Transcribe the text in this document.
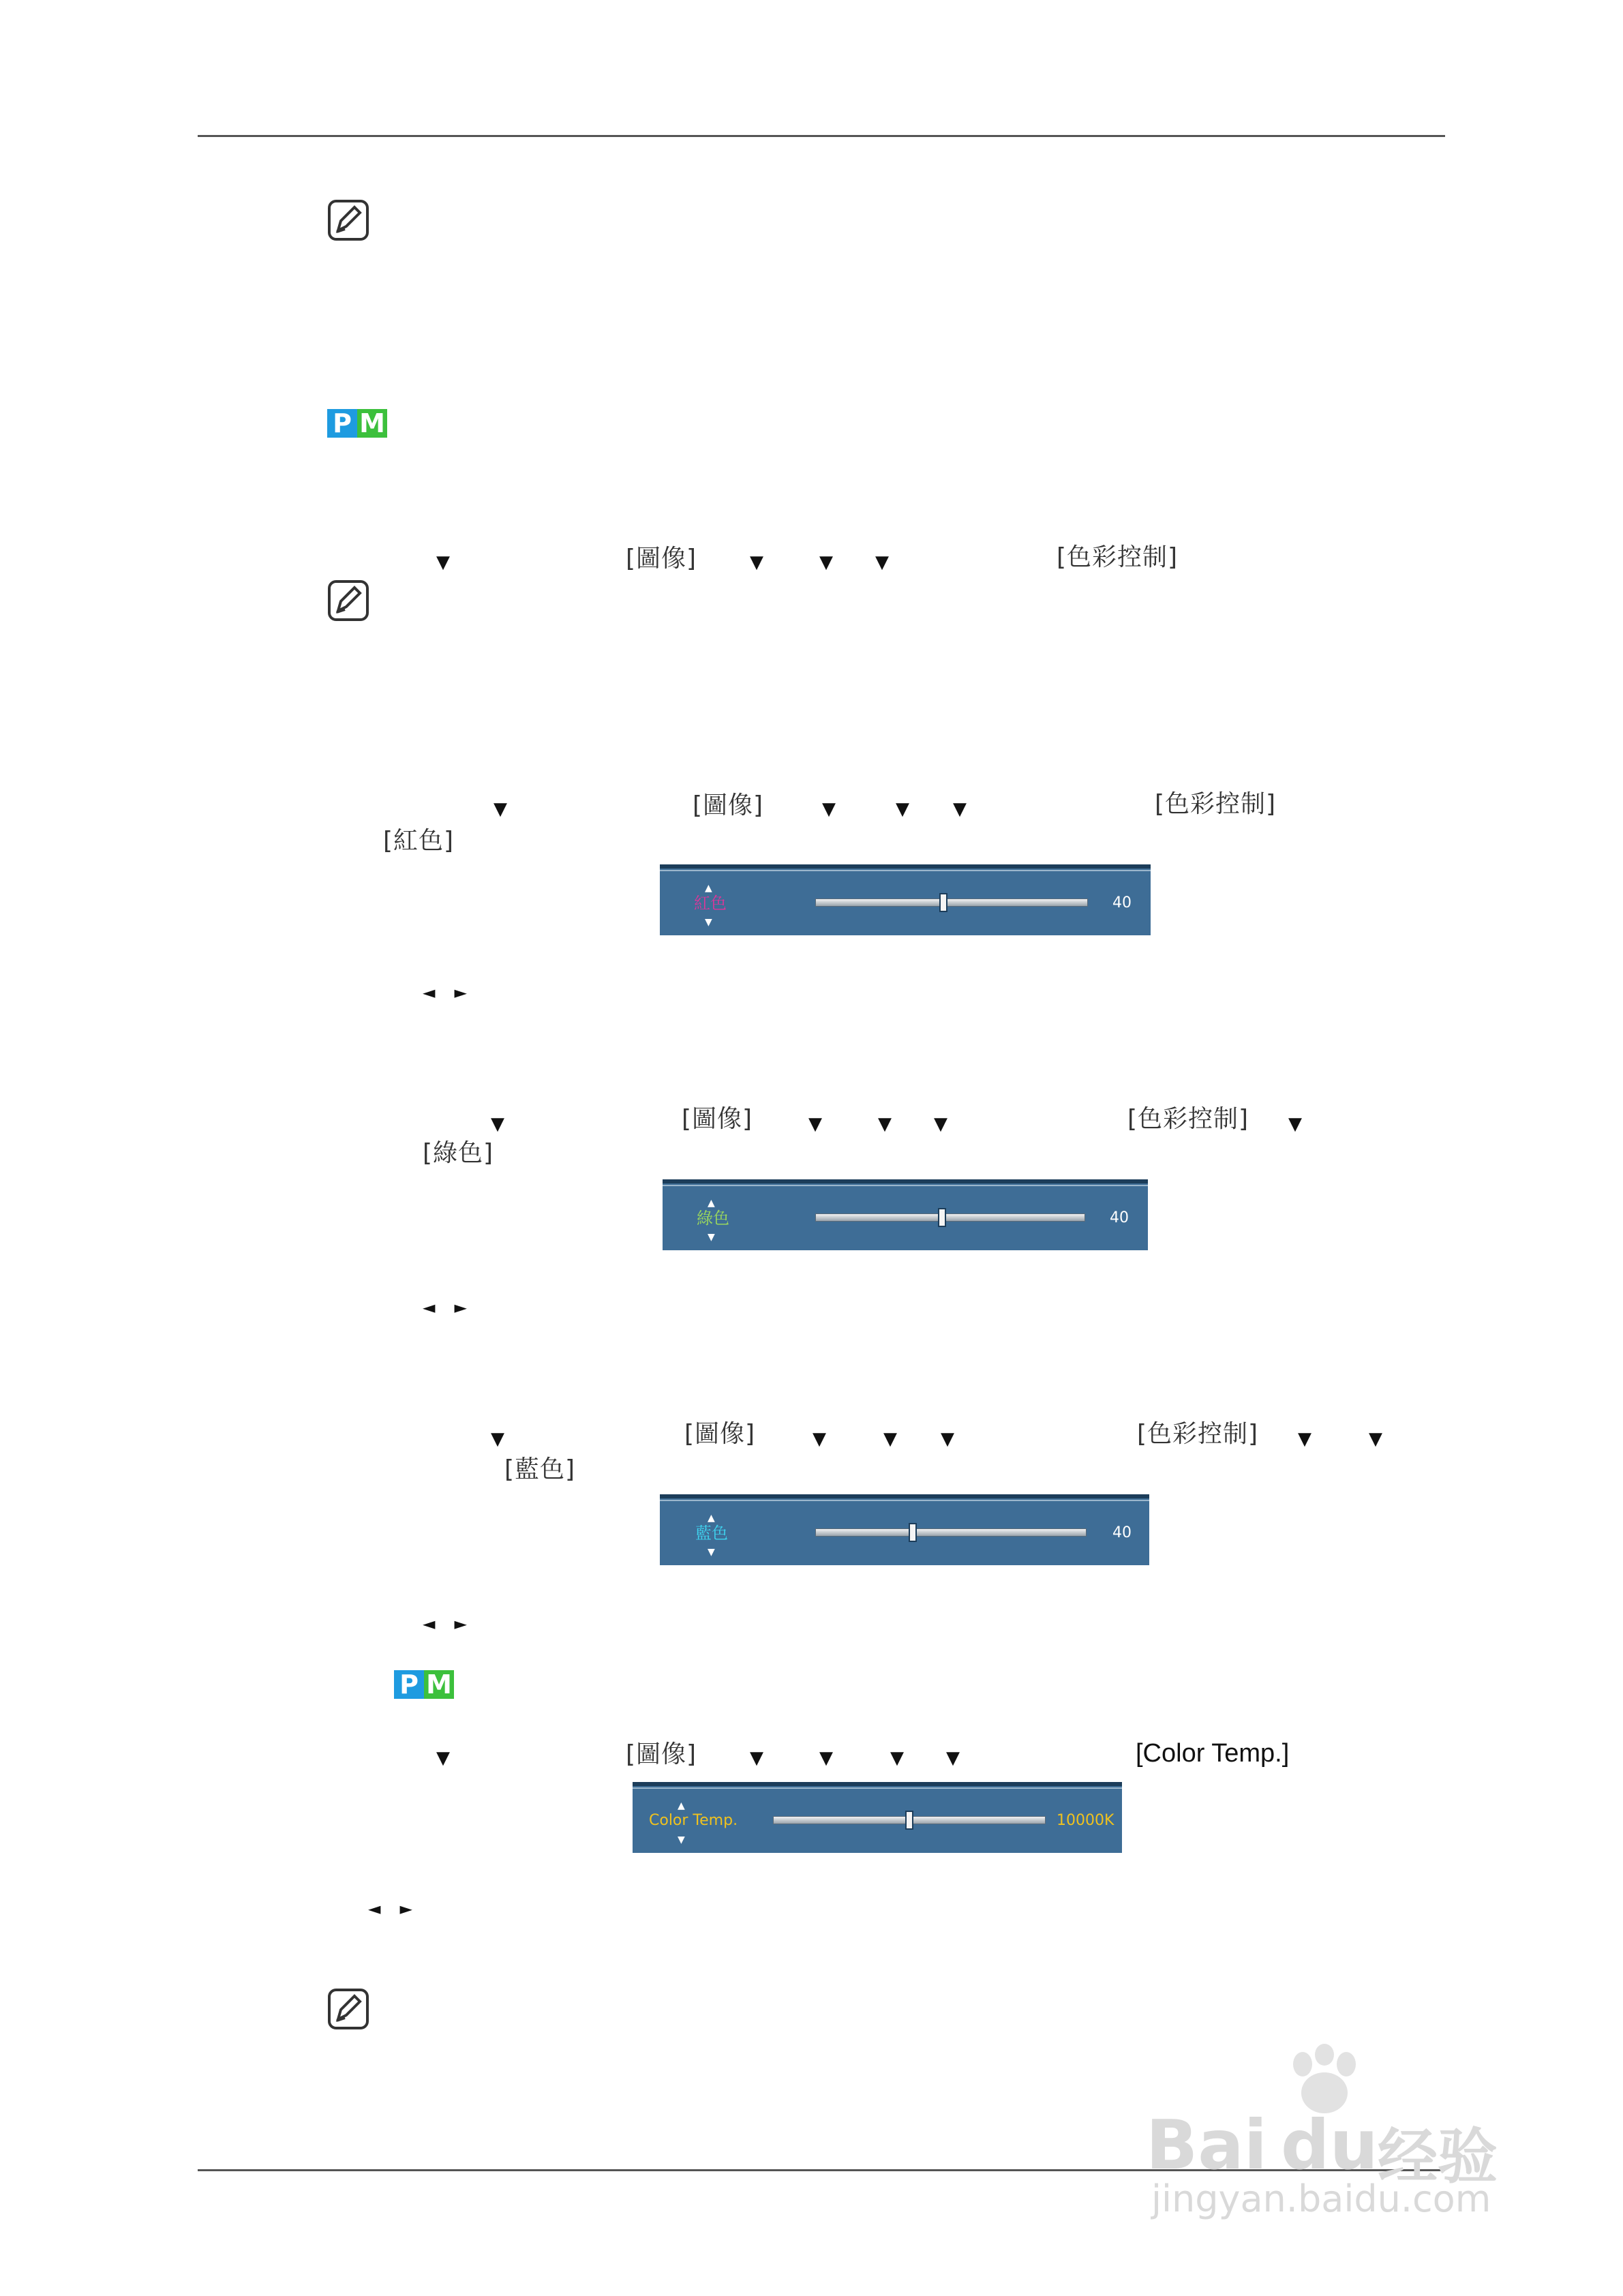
P M
▼	[圖像]	▼	▼ ▼	[色彩控制]
▼	[圖像]	▼	▼ ▼	[色彩控制]
[紅色]
▲
紅色
▼
40
◄►
▼	[圖像]	▼	▼ ▼	[色彩控制] ▼
[綠色]
▲
綠色
▼
40
◄►
▼	[圖像]	▼	▼ ▼	[色彩控制] ▼	▼
[藍色]
▲
藍色
▼
40
◄►
P M
▼	[圖像]	▼	▼	▼ ▼	[Color Temp.]
▲
Color Temp.
▼
10000K
◄►
Bai du 经验
jingyan.baidu.com
